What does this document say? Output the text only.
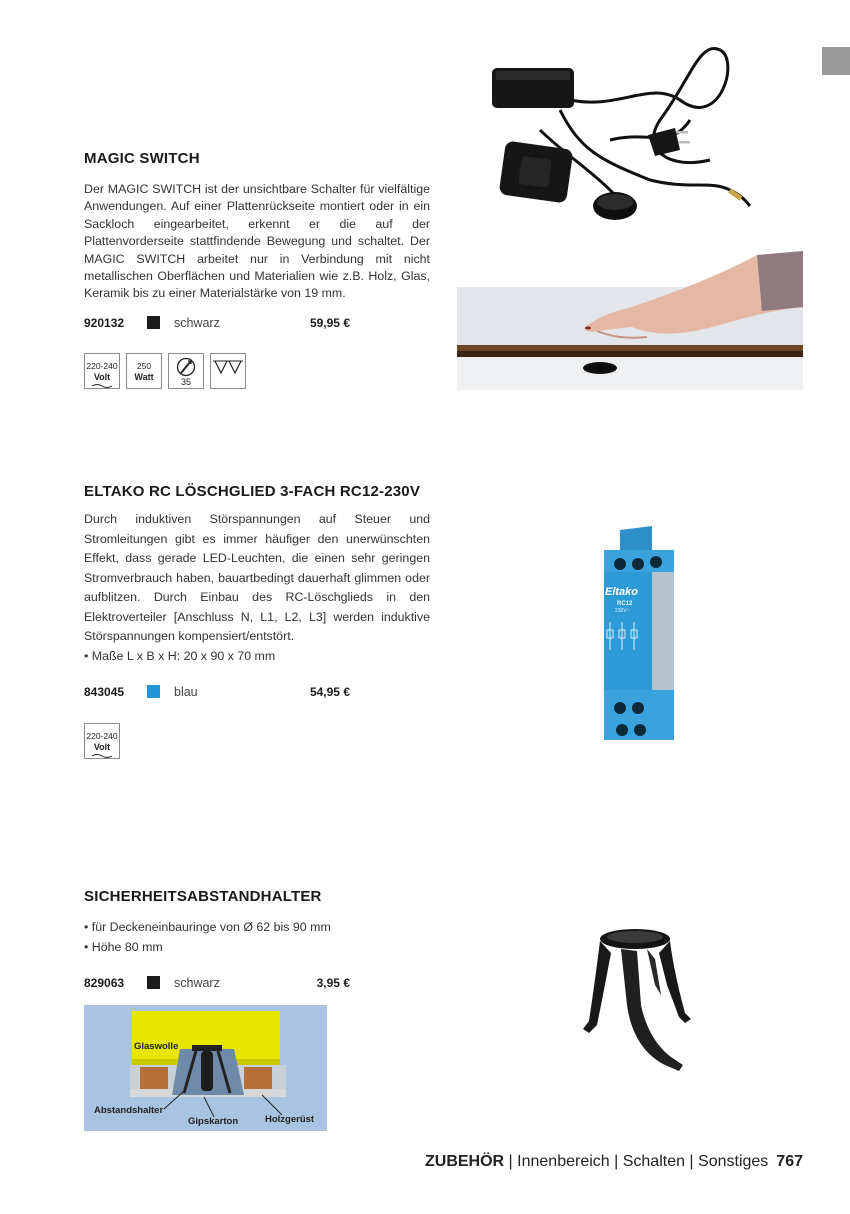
MAGIC SWITCH

Der MAGIC SWITCH ist der unsichtbare Schalter für vielfältige Anwendungen. Auf einer Plattenrückseite montiert oder in ein Sackloch eingearbeitet, erkennt er die auf der Plattenvorderseite stattfindende Bewegung und schaltet. Der MAGIC SWITCH arbeitet nur in Verbindung mit nicht metallischen Oberflächen und Materialien wie z.B. Holz, Glas, Keramik bis zu einer Materialstärke von 19 mm.

920132	schwarz	59,95 €
220-240
Volt
250
Watt	35
ELTAKO RC LÖSCHGLIED 3-FACH RC12-230V

Durch induktiven Störspannungen auf Steuer und Stromleitungen gibt es immer häufiger den unerwünschten Effekt, dass gerade LED-Leuchten, die einen sehr geringen Stromverbrauch haben, bauartbedingt dauerhaft glimmen oder aufblitzen. Durch Einbau des RC-Löschglieds in den Elektroverteiler [Anschluss N, L1, L2, L3] werden induktive Störspannungen kompensiert/entstört.

• Maße L x B x H: 20 x 90 x 70 mm
843045	blau	54,95 €
220-240
Volt
Eltako
RC12
230V~
SICHERHEITSABSTANDHALTER
• für Deckeneinbauringe von Ø 62 bis 90 mm
• Höhe 80 mm
829063	schwarz	3,95 €
Glaswolle
Abstandshalter
Gipskarton	Holzgerüst
ZUBEHÖR | Innenbereich | Schalten | Sonstiges 767
